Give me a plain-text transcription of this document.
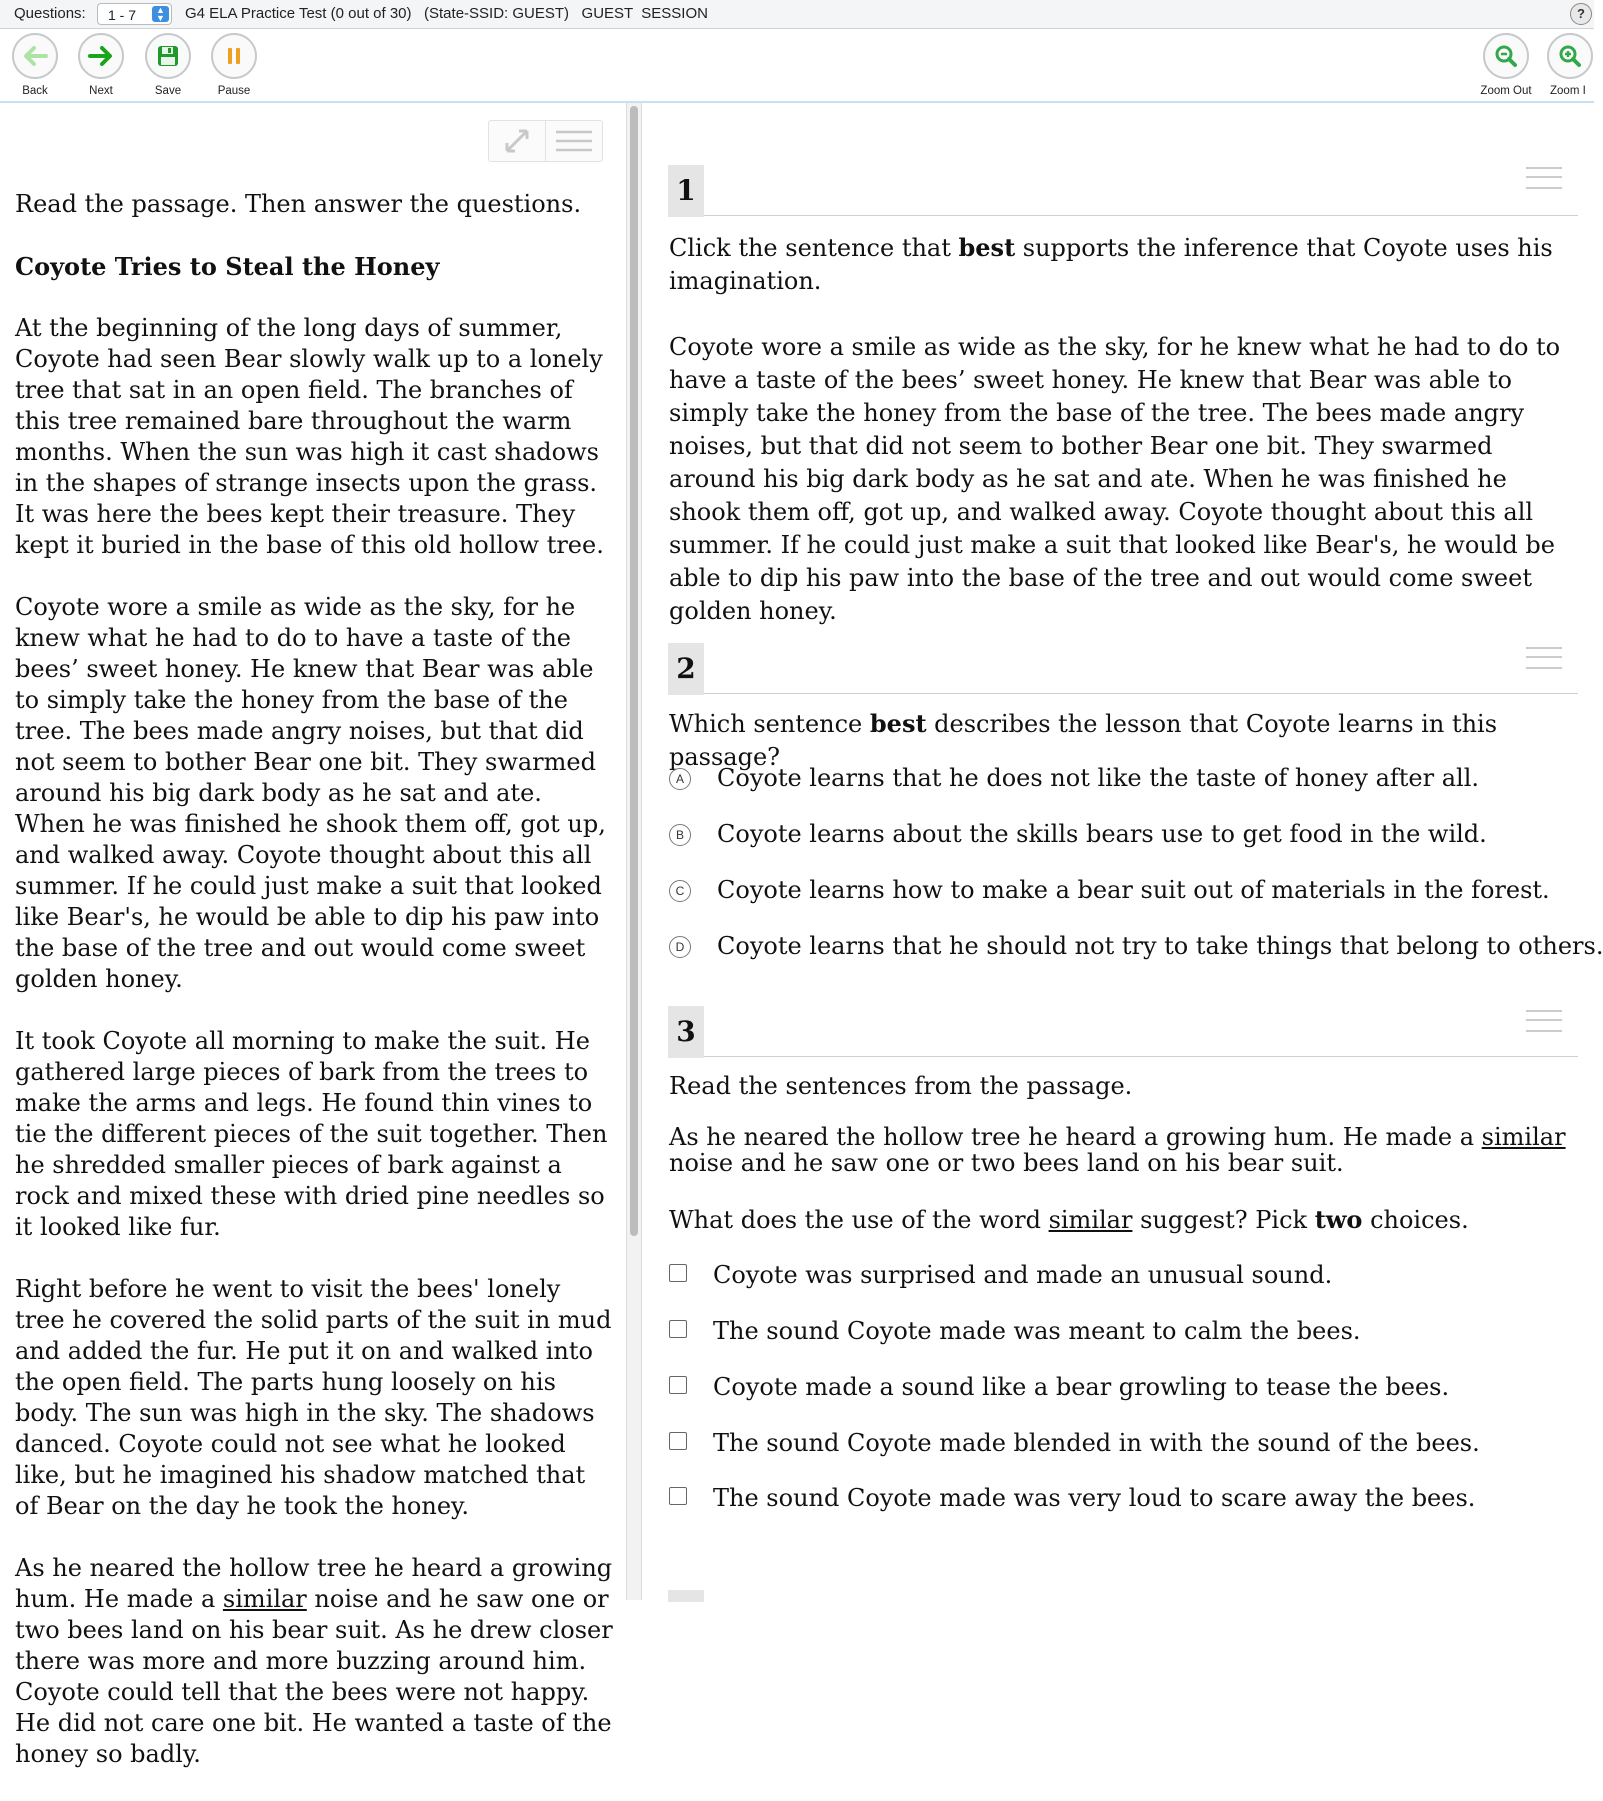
Questions: 1 - 7	▲
▼ G4 ELA Practice Test (0 out of 30)   (State-SSID: GUEST)   GUEST  SESSION	?
Back	Next	Save	Pause	Zoom Out	Zoom I

Read the passage. Then answer the questions.

Coyote Tries to Steal the Honey

At the beginning of the long days of summer, Coyote had seen Bear slowly walk up to a lonely tree that sat in an open field. The branches of this tree remained bare throughout the warm months. When the sun was high it cast shadows in the shapes of strange insects upon the grass. It was here the bees kept their treasure. They kept it buried in the base of this old hollow tree.

Coyote wore a smile as wide as the sky, for he knew what he had to do to have a taste of the bees’ sweet honey. He knew that Bear was able to simply take the honey from the base of the tree. The bees made angry noises, but that did not seem to bother Bear one bit. They swarmed around his big dark body as he sat and ate. When he was finished he shook them off, got up, and walked away. Coyote thought about this all summer. If he could just make a suit that looked like Bear's, he would be able to dip his paw into the base of the tree and out would come sweet golden honey.

It took Coyote all morning to make the suit. He gathered large pieces of bark from the trees to make the arms and legs. He found thin vines to tie the different pieces of the suit together. Then he shredded smaller pieces of bark against a rock and mixed these with dried pine needles so it looked like fur.

Right before he went to visit the bees' lonely tree he covered the solid parts of the suit in mud and added the fur. He put it on and walked into the open field. The parts hung loosely on his body. The sun was high in the sky. The shadows danced. Coyote could not see what he looked like, but he imagined his shadow matched that of Bear on the day he took the honey.

As he neared the hollow tree he heard a growing hum. He made a similar noise and he saw one or two bees land on his bear suit. As he drew closer there was more and more buzzing around him. Coyote could tell that the bees were not happy. He did not care one bit. He wanted a taste of the honey so badly.

1

Click the sentence that best supports the inference that Coyote uses his imagination.

Coyote wore a smile as wide as the sky, for he knew what he had to do to have a taste of the bees’ sweet honey. He knew that Bear was able to simply take the honey from the base of the tree. The bees made angry noises, but that did not seem to bother Bear one bit. They swarmed around his big dark body as he sat and ate. When he was finished he shook them off, got up, and walked away. Coyote thought about this all summer. If he could just make a suit that looked like Bear's, he would be able to dip his paw into the base of the tree and out would come sweet golden honey.

2

Which sentence best describes the lesson that Coyote learns in this passage?

A Coyote learns that he does not like the taste of honey after all.
B Coyote learns about the skills bears use to get food in the wild.
C Coyote learns how to make a bear suit out of materials in the forest.
D Coyote learns that he should not try to take things that belong to others.
3

Read the sentences from the passage.

As he neared the hollow tree he heard a growing hum. He made a similar noise and he saw one or two bees land on his bear suit.

What does the use of the word similar suggest? Pick two choices.

Coyote was surprised and made an unusual sound.
The sound Coyote made was meant to calm the bees.
Coyote made a sound like a bear growling to tease the bees.
The sound Coyote made blended in with the sound of the bees.
The sound Coyote made was very loud to scare away the bees.
